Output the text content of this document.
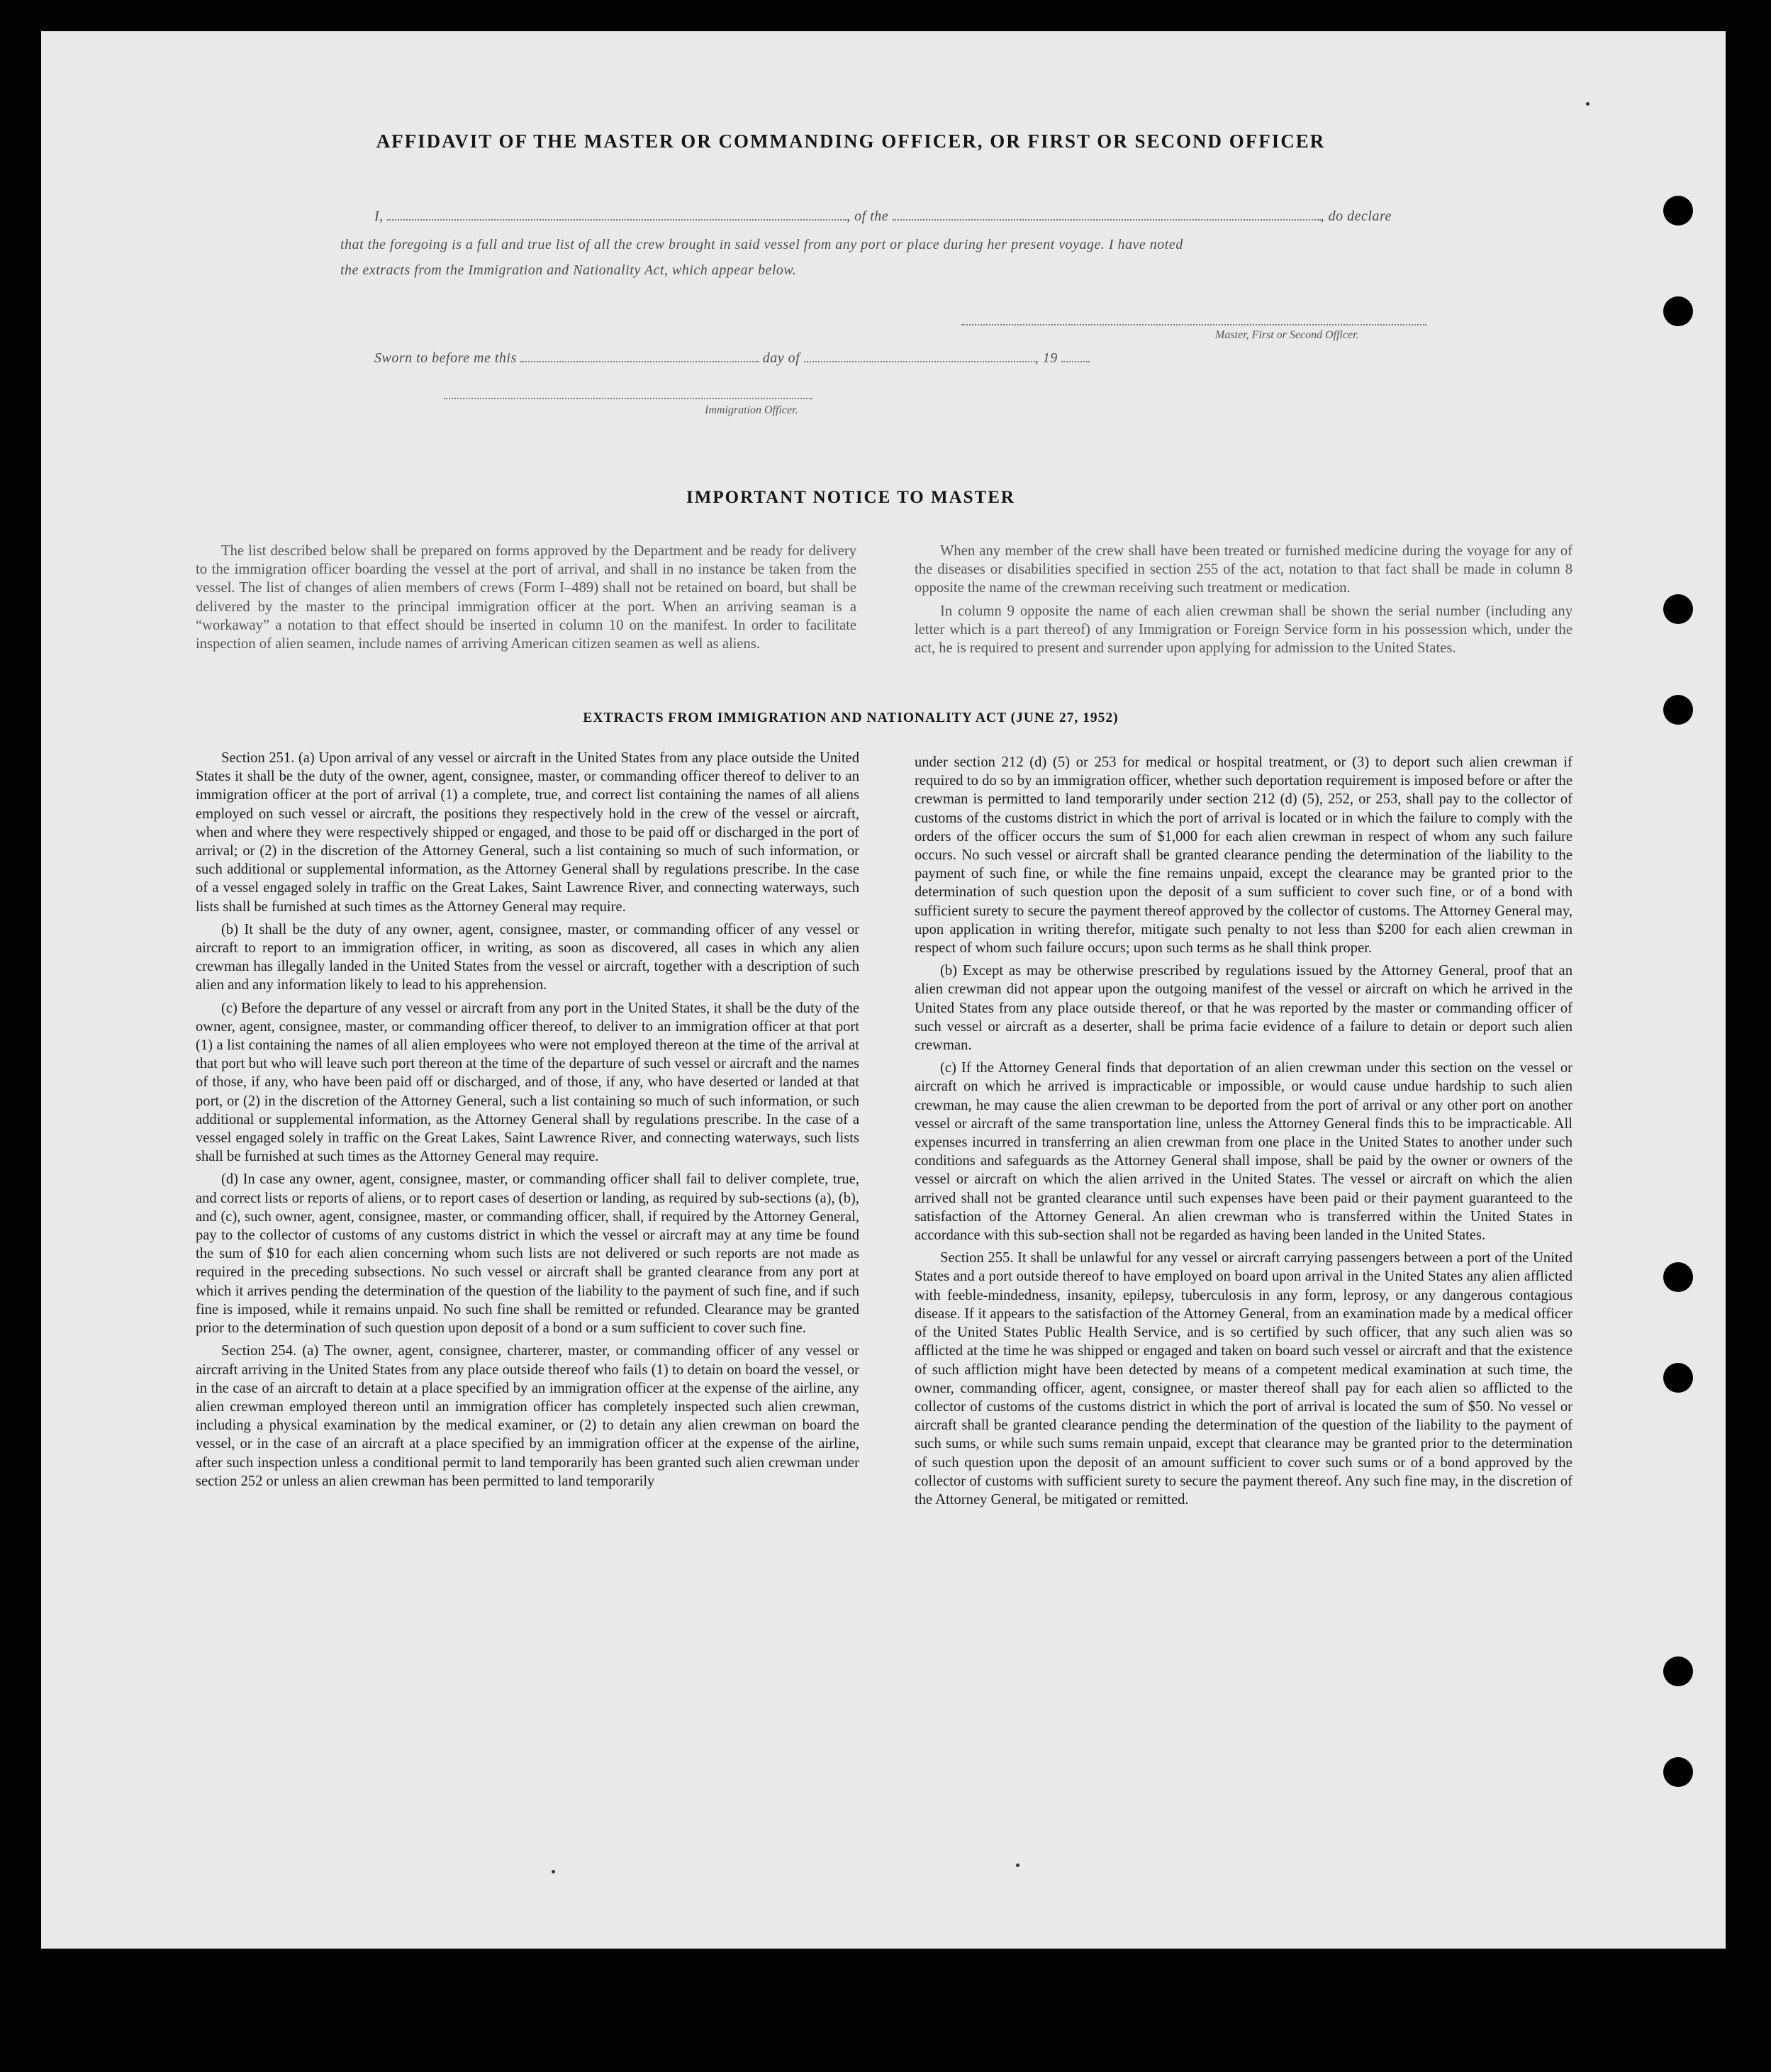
AFFIDAVIT OF THE MASTER OR COMMANDING OFFICER, OR FIRST OR SECOND OFFICER
I,	, of the	, do declare
that the foregoing is a full and true list of all the crew brought in said vessel from any port or place during her present voyage. I have noted
the extracts from the Immigration and Nationality Act, which appear below.
Master, First or Second Officer.
Sworn to before me this	day of	, 19
Immigration Officer.
IMPORTANT NOTICE TO MASTER

The list described below shall be prepared on forms approved by the Department and be ready for delivery to the immigration officer boarding the vessel at the port of arrival, and shall in no instance be taken from the vessel. The list of changes of alien members of crews (Form I–489) shall not be retained on board, but shall be delivered by the master to the principal immigration officer at the port. When an arriving seaman is a “workaway” a notation to that effect should be inserted in column 10 on the manifest. In order to facilitate inspection of alien seamen, include names of arriving American citizen seamen as well as aliens.

When any member of the crew shall have been treated or furnished medicine during the voyage for any of the diseases or disabilities specified in section 255 of the act, notation to that fact shall be made in column 8 opposite the name of the crewman receiving such treatment or medication.

In column 9 opposite the name of each alien crewman shall be shown the serial number (including any letter which is a part thereof) of any Immigration or Foreign Service form in his possession which, under the act, he is required to present and surrender upon applying for admission to the United States.

EXTRACTS FROM IMMIGRATION AND NATIONALITY ACT (JUNE 27, 1952)

Section 251. (a) Upon arrival of any vessel or aircraft in the United States from any place outside the United States it shall be the duty of the owner, agent, consignee, master, or commanding officer thereof to deliver to an immigration officer at the port of arrival (1) a complete, true, and correct list containing the names of all aliens employed on such vessel or aircraft, the positions they respectively hold in the crew of the vessel or aircraft, when and where they were respectively shipped or engaged, and those to be paid off or discharged in the port of arrival; or (2) in the discretion of the Attorney General, such a list containing so much of such information, or such additional or supplemental information, as the Attorney General shall by regulations prescribe. In the case of a vessel engaged solely in traffic on the Great Lakes, Saint Lawrence River, and connecting waterways, such lists shall be furnished at such times as the Attorney General may require.

(b) It shall be the duty of any owner, agent, consignee, master, or commanding officer of any vessel or aircraft to report to an immigration officer, in writing, as soon as discovered, all cases in which any alien crewman has illegally landed in the United States from the vessel or aircraft, together with a description of such alien and any information likely to lead to his apprehension.

(c) Before the departure of any vessel or aircraft from any port in the United States, it shall be the duty of the owner, agent, consignee, master, or commanding officer thereof, to deliver to an immigration officer at that port (1) a list containing the names of all alien employees who were not employed thereon at the time of the arrival at that port but who will leave such port thereon at the time of the departure of such vessel or aircraft and the names of those, if any, who have been paid off or discharged, and of those, if any, who have deserted or landed at that port, or (2) in the discretion of the Attorney General, such a list containing so much of such information, or such additional or supplemental information, as the Attorney General shall by regulations prescribe. In the case of a vessel engaged solely in traffic on the Great Lakes, Saint Lawrence River, and connecting waterways, such lists shall be furnished at such times as the Attorney General may require.

(d) In case any owner, agent, consignee, master, or commanding officer shall fail to deliver complete, true, and correct lists or reports of aliens, or to report cases of desertion or landing, as required by sub-sections (a), (b), and (c), such owner, agent, consignee, master, or commanding officer, shall, if required by the Attorney General, pay to the collector of customs of any customs district in which the vessel or aircraft may at any time be found the sum of $10 for each alien concerning whom such lists are not delivered or such reports are not made as required in the preceding subsections. No such vessel or aircraft shall be granted clearance from any port at which it arrives pending the determination of the question of the liability to the payment of such fine, and if such fine is imposed, while it remains unpaid. No such fine shall be remitted or refunded. Clearance may be granted prior to the determination of such question upon deposit of a bond or a sum sufficient to cover such fine.

Section 254. (a) The owner, agent, consignee, charterer, master, or commanding officer of any vessel or aircraft arriving in the United States from any place outside thereof who fails (1) to detain on board the vessel, or in the case of an aircraft to detain at a place specified by an immigration officer at the expense of the airline, any alien crewman employed thereon until an immigration officer has completely inspected such alien crewman, including a physical examination by the medical examiner, or (2) to detain any alien crewman on board the vessel, or in the case of an aircraft at a place specified by an immigration officer at the expense of the airline, after such inspection unless a conditional permit to land temporarily has been granted such alien crewman under section 252 or unless an alien crewman has been permitted to land temporarily

under section 212 (d) (5) or 253 for medical or hospital treatment, or (3) to deport such alien crewman if required to do so by an immigration officer, whether such deportation requirement is imposed before or after the crewman is permitted to land temporarily under section 212 (d) (5), 252, or 253, shall pay to the collector of customs of the customs district in which the port of arrival is located or in which the failure to comply with the orders of the officer occurs the sum of $1,000 for each alien crewman in respect of whom any such failure occurs. No such vessel or aircraft shall be granted clearance pending the determination of the liability to the payment of such fine, or while the fine remains unpaid, except the clearance may be granted prior to the determination of such question upon the deposit of a sum sufficient to cover such fine, or of a bond with sufficient surety to secure the payment thereof approved by the collector of customs. The Attorney General may, upon application in writing therefor, mitigate such penalty to not less than $200 for each alien crewman in respect of whom such failure occurs; upon such terms as he shall think proper.

(b) Except as may be otherwise prescribed by regulations issued by the Attorney General, proof that an alien crewman did not appear upon the outgoing manifest of the vessel or aircraft on which he arrived in the United States from any place outside thereof, or that he was reported by the master or commanding officer of such vessel or aircraft as a deserter, shall be prima facie evidence of a failure to detain or deport such alien crewman.

(c) If the Attorney General finds that deportation of an alien crewman under this section on the vessel or aircraft on which he arrived is impracticable or impossible, or would cause undue hardship to such alien crewman, he may cause the alien crewman to be deported from the port of arrival or any other port on another vessel or aircraft of the same transportation line, unless the Attorney General finds this to be impracticable. All expenses incurred in transferring an alien crewman from one place in the United States to another under such conditions and safeguards as the Attorney General shall impose, shall be paid by the owner or owners of the vessel or aircraft on which the alien arrived in the United States. The vessel or aircraft on which the alien arrived shall not be granted clearance until such expenses have been paid or their payment guaranteed to the satisfaction of the Attorney General. An alien crewman who is transferred within the United States in accordance with this sub-section shall not be regarded as having been landed in the United States.

Section 255. It shall be unlawful for any vessel or aircraft carrying passengers between a port of the United States and a port outside thereof to have employed on board upon arrival in the United States any alien afflicted with feeble-mindedness, insanity, epilepsy, tuberculosis in any form, leprosy, or any dangerous contagious disease. If it appears to the satisfaction of the Attorney General, from an examination made by a medical officer of the United States Public Health Service, and is so certified by such officer, that any such alien was so afflicted at the time he was shipped or engaged and taken on board such vessel or aircraft and that the existence of such affliction might have been detected by means of a competent medical examination at such time, the owner, commanding officer, agent, consignee, or master thereof shall pay for each alien so afflicted to the collector of customs of the customs district in which the port of arrival is located the sum of $50. No vessel or aircraft shall be granted clearance pending the determination of the question of the liability to the payment of such sums, or while such sums remain unpaid, except that clearance may be granted prior to the determination of such question upon the deposit of an amount sufficient to cover such sums or of a bond approved by the collector of customs with sufficient surety to secure the payment thereof. Any such fine may, in the discretion of the Attorney General, be mitigated or remitted.
